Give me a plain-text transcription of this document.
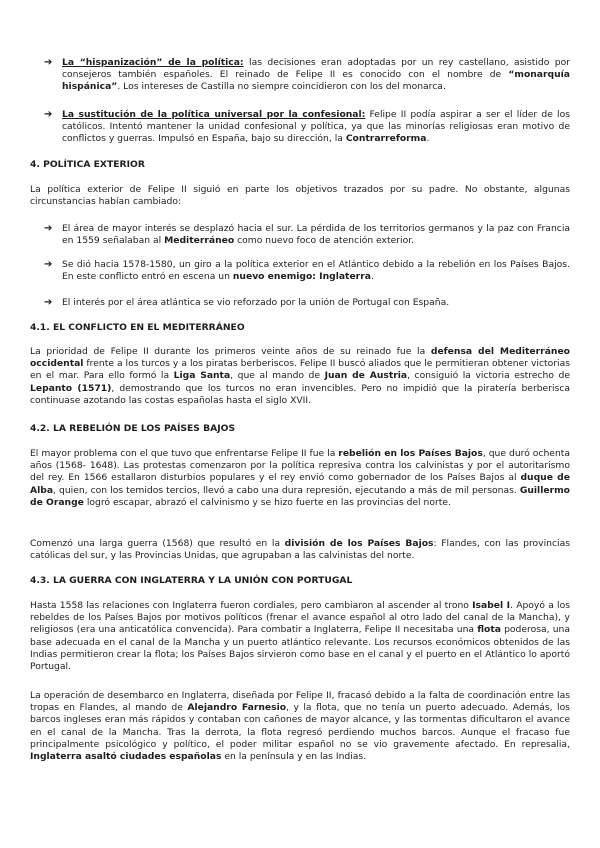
➔ La “hispanización” de la política: las decisiones eran adoptadas por un rey castellano, asistido por consejeros también españoles. El reinado de Felipe II es conocido con el nombre de “monarquía hispánica”. Los intereses de Castilla no siempre coincidieron con los del monarca.

➔ La sustitución de la política universal por la confesional: Felipe II podía aspirar a ser el líder de los católicos. Intentó mantener la unidad confesional y política, ya que las minorías religiosas eran motivo de conflictos y guerras. Impulsó en España, bajo su dirección, la Contrarreforma.

4. POLÍTICA EXTERIOR

La política exterior de Felipe II siguió en parte los objetivos trazados por su padre. No obstante, algunas circunstancias habían cambiado:

➔ El área de mayor interés se desplazó hacia el sur. La pérdida de los territorios germanos y la paz con Francia en 1559 señalaban al Mediterráneo como nuevo foco de atención exterior.

➔ Se dió hacia 1578-1580, un giro a la política exterior en el Atlántico debido a la rebelión en los Países Bajos. En este conflicto entró en escena un nuevo enemigo: Inglaterra.

➔ El interés por el área atlántica se vio reforzado por la unión de Portugal con España.

4.1. EL CONFLICTO EN EL MEDITERRÁNEO

La prioridad de Felipe II durante los primeros veinte años de su reinado fue la defensa del Mediterráneo occidental frente a los turcos y a los piratas berberiscos. Felipe II buscó aliados que le permitieran obtener victorias en el mar. Para ello formó la Liga Santa, que al mando de Juan de Austria, consiguió la victoria estrecho de Lepanto (1571), demostrando que los turcos no eran invencibles. Pero no impidió que la piratería berberisca continuase azotando las costas españolas hasta el siglo XVII.

4.2. LA REBELIÓN DE LOS PAÍSES BAJOS

El mayor problema con el que tuvo que enfrentarse Felipe II fue la rebelión en los Países Bajos, que duró ochenta años (1568- 1648). Las protestas comenzaron por la política represiva contra los calvinistas y por el autoritarismo del rey. En 1566 estallaron disturbios populares y el rey envió como gobernador de los Países Bajos al duque de Alba, quien, con los temidos tercios, llevó a cabo una dura represión, ejecutando a más de mil personas. Guillermo de Orange logró escapar, abrazó el calvinismo y se hizo fuerte en las provincias del norte.

Comenzó una larga guerra (1568) que resultó en la división de los Países Bajos: Flandes, con las provincias católicas del sur, y las Provincias Unidas, que agrupaban a las calvinistas del norte.

4.3. LA GUERRA CON INGLATERRA Y LA UNIÓN CON PORTUGAL

Hasta 1558 las relaciones con Inglaterra fueron cordiales, pero cambiaron al ascender al trono Isabel I. Apoyó a los rebeldes de los Países Bajos por motivos políticos (frenar el avance español al otro lado del canal de la Mancha), y religiosos (era una anticatólica convencida). Para combatir a Inglaterra, Felipe II necesitaba una flota poderosa, una base adecuada en el canal de la Mancha y un puerto atlántico relevante. Los recursos económicos obtenidos de las Indias permitieron crear la flota; los Países Bajos sirvieron como base en el canal y el puerto en el Atlántico lo aportó Portugal.

La operación de desembarco en Inglaterra, diseñada por Felipe II, fracasó debido a la falta de coordinación entre las tropas en Flandes, al mando de Alejandro Farnesio, y la flota, que no tenía un puerto adecuado. Además, los barcos ingleses eran más rápidos y contaban con cañones de mayor alcance, y las tormentas dificultaron el avance en el canal de la Mancha. Tras la derrota, la flota regresó perdiendo muchos barcos. Aunque el fracaso fue principalmente psicológico y político, el poder militar español no se vio gravemente afectado. En represalia, Inglaterra asaltó ciudades españolas en la península y en las Indias.
